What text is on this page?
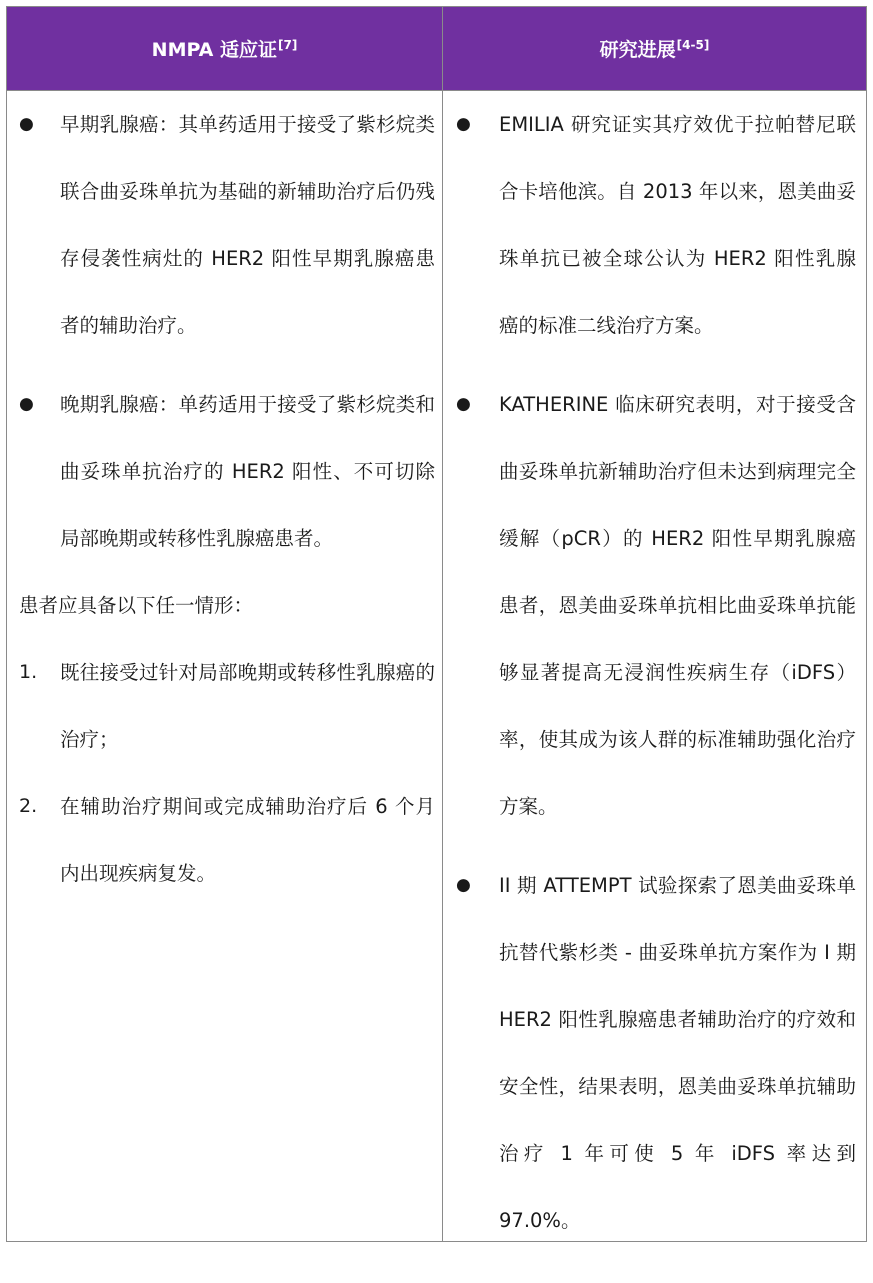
NMPA 适应证[7]	研究进展[4-5]
● 早期乳腺癌：其单药适用于接受了紫杉烷类联合曲妥珠单抗为基础的新辅助治疗后仍残存侵袭性病灶的 HER2 阳性早期乳腺癌患者的辅助治疗。
● 晚期乳腺癌：单药适用于接受了紫杉烷类和曲妥珠单抗治疗的 HER2 阳性、不可切除局部晚期或转移性乳腺癌患者。
患者应具备以下任一情形：
1. 既往接受过针对局部晚期或转移性乳腺癌的治疗；
2. 在辅助治疗期间或完成辅助治疗后 6 个月内出现疾病复发。
● EMILIA 研究证实其疗效优于拉帕替尼联合卡培他滨。自 2013 年以来，恩美曲妥珠单抗已被全球公认为 HER2 阳性乳腺癌的标准二线治疗方案。
● KATHERINE 临床研究表明，对于接受含曲妥珠单抗新辅助治疗但未达到病理完全缓解（pCR）的 HER2 阳性早期乳腺癌患者，恩美曲妥珠单抗相比曲妥珠单抗能够显著提高无浸润性疾病生存（iDFS）率，使其成为该人群的标准辅助强化治疗方案。
● II 期 ATTEMPT 试验探索了恩美曲妥珠单抗替代紫杉类 - 曲妥珠单抗方案作为 I 期 HER2 阳性乳腺癌患者辅助治疗的疗效和安全性，结果表明，恩美曲妥珠单抗辅助治疗 1 年可使 5 年 iDFS 率达到 97.0%。
